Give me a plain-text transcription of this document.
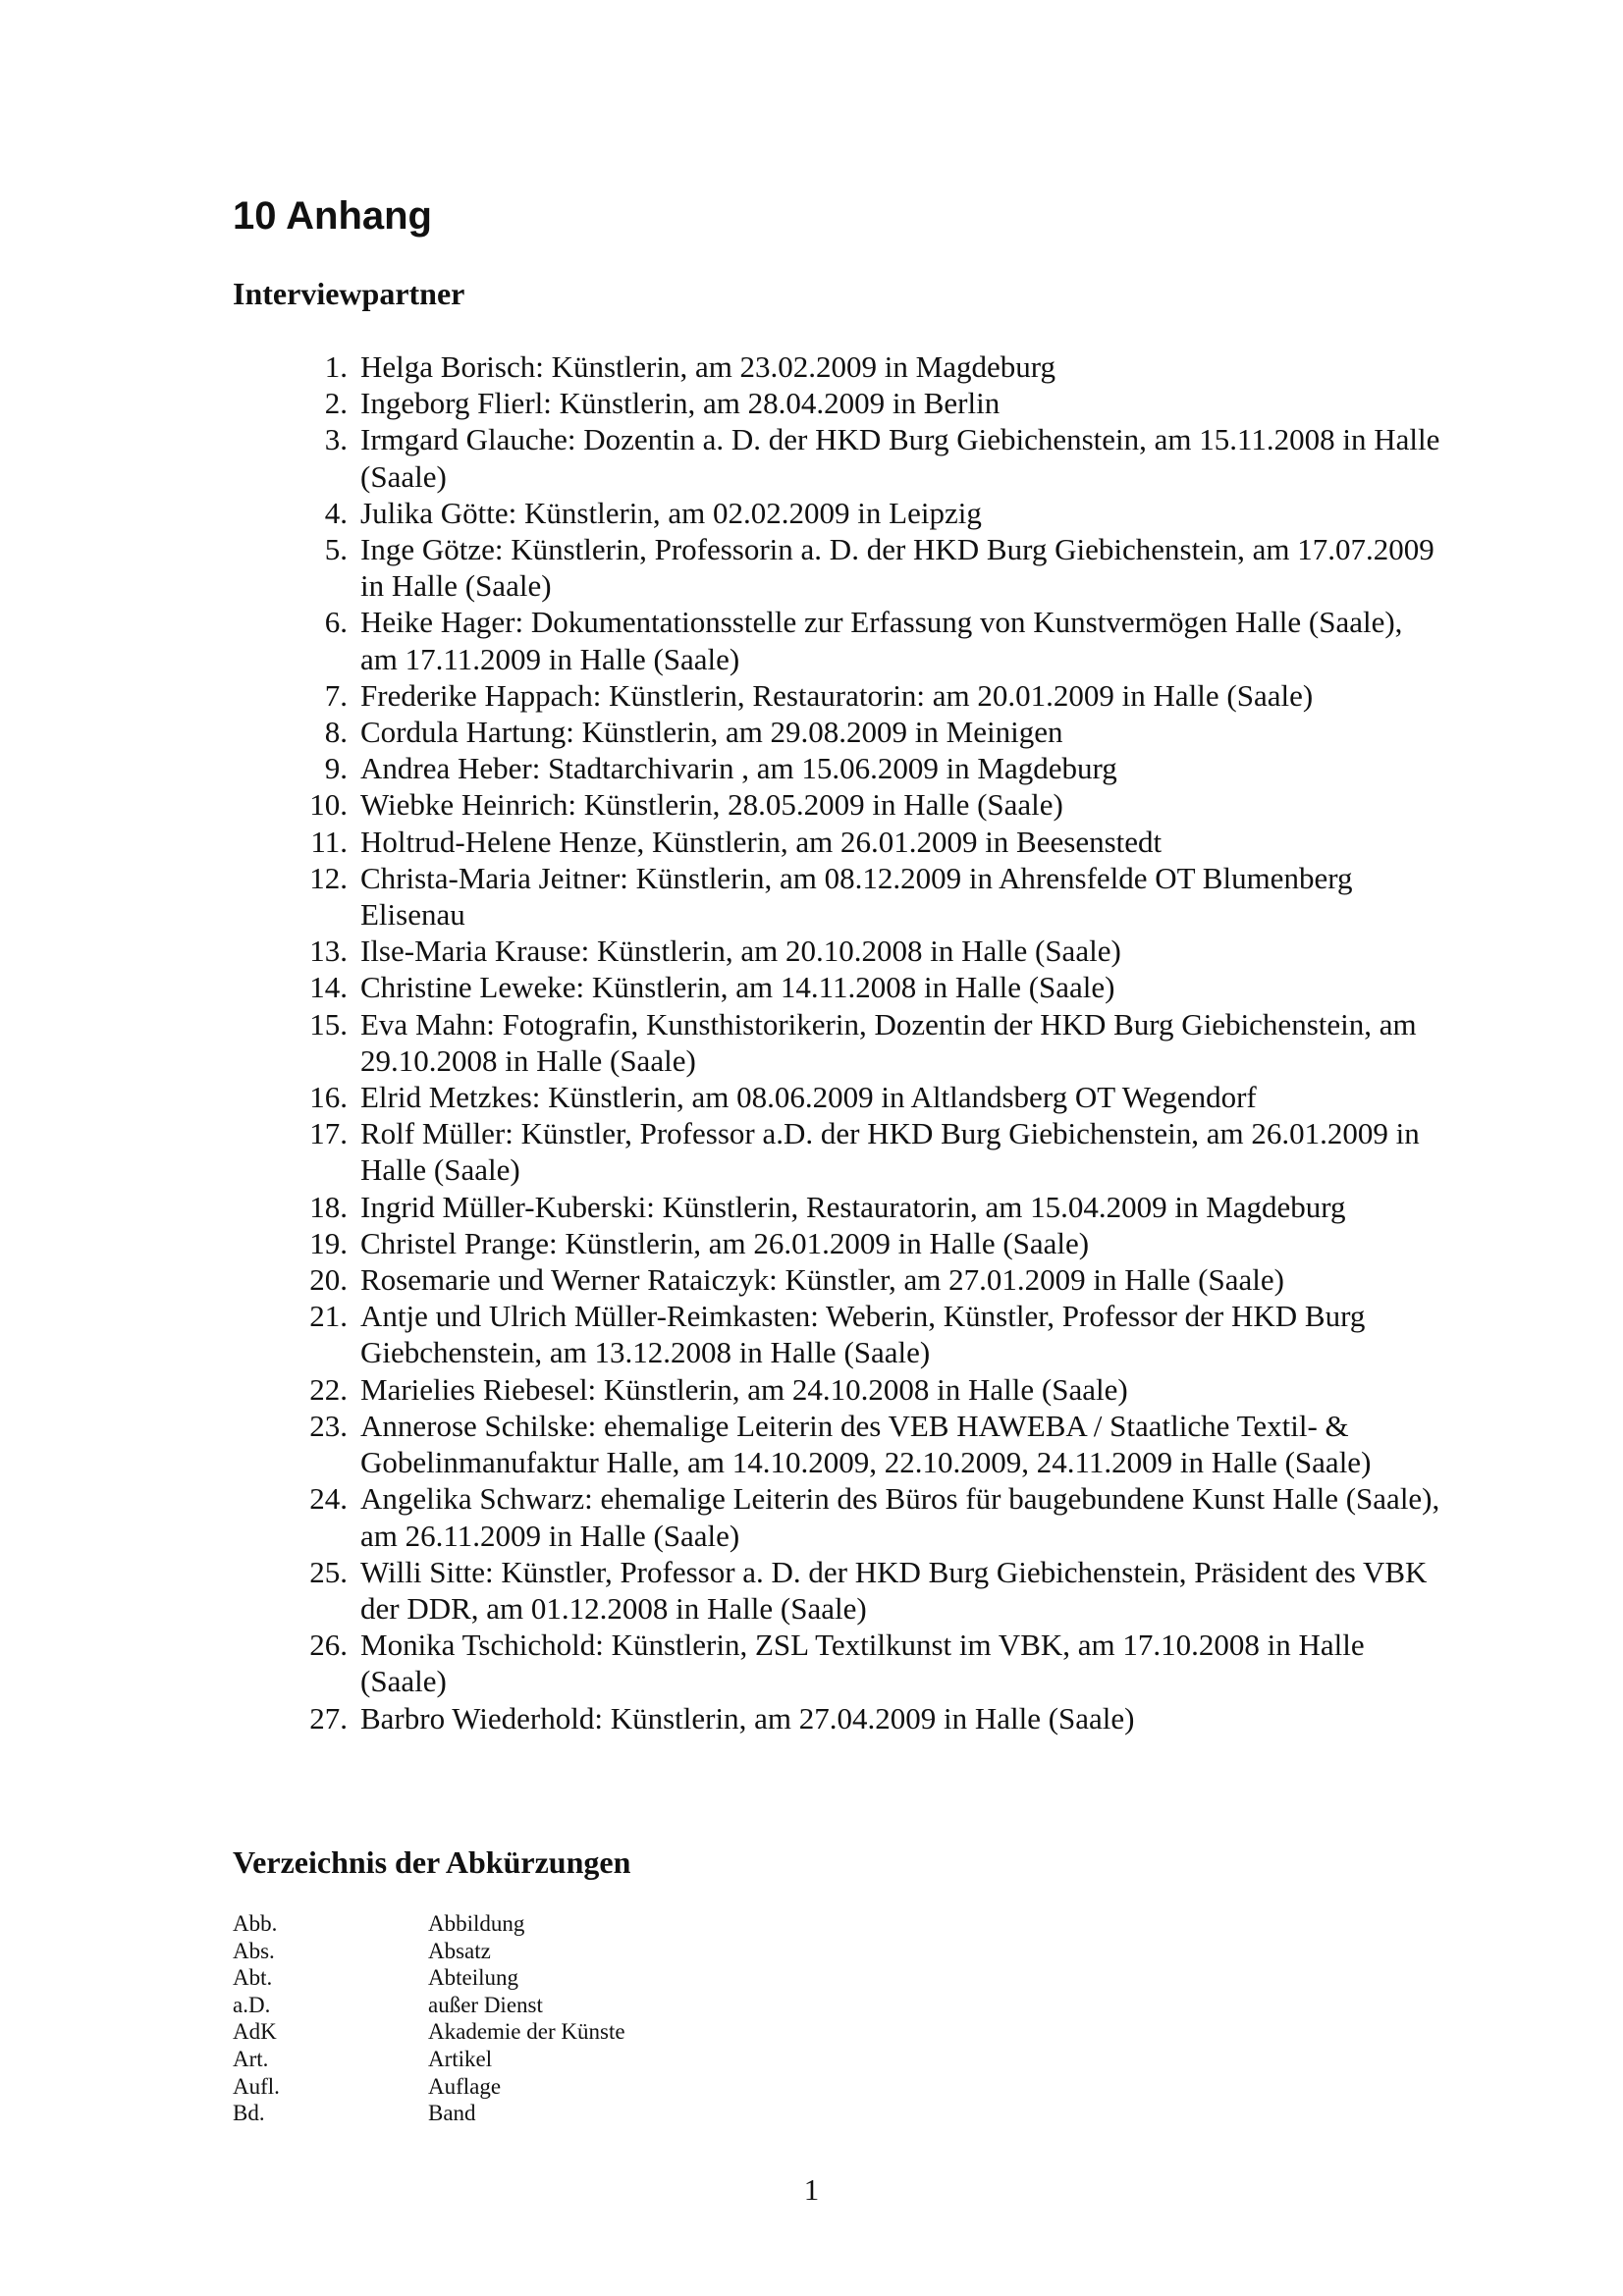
10 Anhang
Interviewpartner
1. Helga Borisch: Künstlerin, am 23.02.2009 in Magdeburg
2. Ingeborg Flierl: Künstlerin, am 28.04.2009 in Berlin
3. Irmgard Glauche: Dozentin a. D. der HKD Burg Giebichenstein, am 15.11.2008 in Halle (Saale)
4. Julika Götte: Künstlerin, am 02.02.2009 in Leipzig
5. Inge Götze: Künstlerin, Professorin a. D. der HKD Burg Giebichenstein, am 17.07.2009 in Halle (Saale)
6. Heike Hager: Dokumentationsstelle zur Erfassung von Kunstvermögen Halle (Saale), am 17.11.2009 in Halle (Saale)
7. Frederike Happach: Künstlerin, Restauratorin: am 20.01.2009 in Halle (Saale)
8. Cordula Hartung: Künstlerin, am 29.08.2009 in Meinigen
9. Andrea Heber: Stadtarchivarin , am 15.06.2009 in Magdeburg
10. Wiebke Heinrich: Künstlerin, 28.05.2009 in Halle (Saale)
11. Holtrud-Helene Henze, Künstlerin, am 26.01.2009 in Beesenstedt
12. Christa-Maria Jeitner: Künstlerin, am 08.12.2009 in Ahrensfelde OT Blumenberg Elisenau
13. Ilse-Maria Krause: Künstlerin, am 20.10.2008 in Halle (Saale)
14. Christine Leweke: Künstlerin, am 14.11.2008 in Halle (Saale)
15. Eva Mahn: Fotografin, Kunsthistorikerin, Dozentin der HKD Burg Giebichenstein, am 29.10.2008 in Halle (Saale)
16. Elrid Metzkes: Künstlerin, am 08.06.2009 in Altlandsberg OT Wegendorf
17. Rolf Müller: Künstler, Professor a.D. der HKD Burg Giebichenstein, am 26.01.2009 in Halle (Saale)
18. Ingrid Müller-Kuberski: Künstlerin, Restauratorin, am 15.04.2009 in Magdeburg
19. Christel Prange: Künstlerin, am 26.01.2009 in Halle (Saale)
20. Rosemarie und Werner Rataiczyk: Künstler, am 27.01.2009 in Halle (Saale)
21. Antje und Ulrich Müller-Reimkasten: Weberin, Künstler, Professor der HKD Burg Giebchenstein, am 13.12.2008 in Halle (Saale)
22. Marielies Riebesel: Künstlerin, am 24.10.2008 in Halle (Saale)
23. Annerose Schilske: ehemalige Leiterin des VEB HAWEBA / Staatliche Textil- & Gobelinmanufaktur Halle, am 14.10.2009, 22.10.2009, 24.11.2009 in Halle (Saale)
24. Angelika Schwarz: ehemalige Leiterin des Büros für baugebundene Kunst Halle (Saale), am 26.11.2009 in Halle (Saale)
25. Willi Sitte: Künstler, Professor a. D. der HKD Burg Giebichenstein, Präsident des VBK der DDR, am 01.12.2008 in Halle (Saale)
26. Monika Tschichold: Künstlerin, ZSL Textilkunst im VBK, am 17.10.2008 in Halle (Saale)
27. Barbro Wiederhold: Künstlerin, am 27.04.2009 in Halle (Saale)
Verzeichnis der Abkürzungen
Abb.	Abbildung
Abs.	Absatz
Abt.	Abteilung
a.D.	außer Dienst
AdK	Akademie der Künste
Art.	Artikel
Aufl.	Auflage
Bd.	Band
1
